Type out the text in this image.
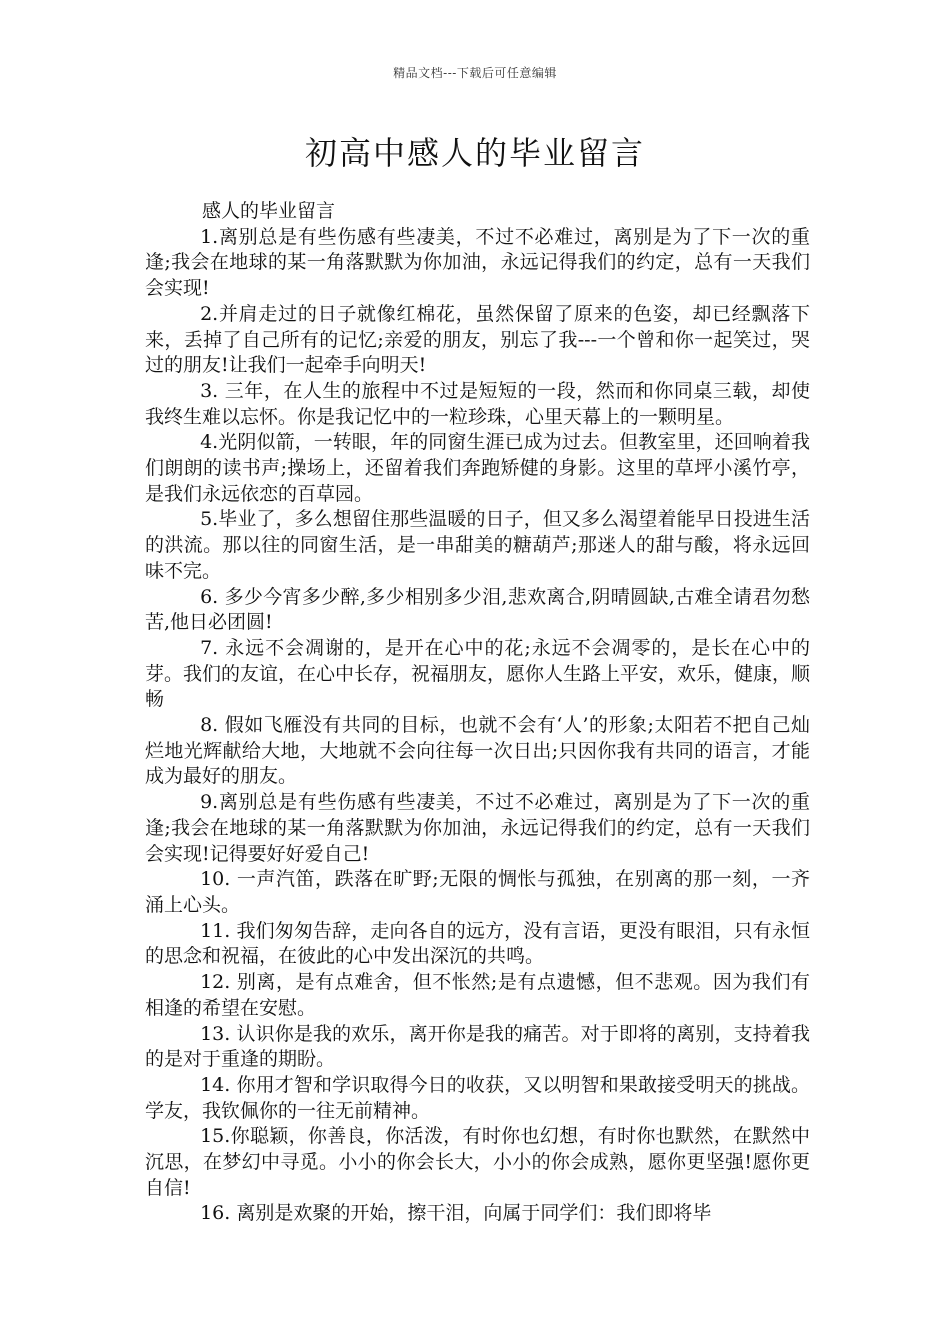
精品文档---下载后可任意编辑
初高中感人的毕业留言

感人的毕业留言

1.离别总是有些伤感有些凄美，不过不必难过，离别是为了下一次的重逢;我会在地球的某一角落默默为你加油，永远记得我们的约定，总有一天我们会实现!

2.并肩走过的日子就像红棉花，虽然保留了原来的色姿，却已经飘落下来，丢掉了自己所有的记忆;亲爱的朋友，别忘了我---一个曾和你一起笑过，哭过的朋友!让我们一起牵手向明天!

3. 三年，在人生的旅程中不过是短短的一段，然而和你同桌三载，却使我终生难以忘怀。你是我记忆中的一粒珍珠，心里天幕上的一颗明星。

4.光阴似箭，一转眼，年的同窗生涯已成为过去。但教室里，还回响着我们朗朗的读书声;操场上，还留着我们奔跑矫健的身影。这里的草坪小溪竹亭，是我们永远依恋的百草园。

5.毕业了，多么想留住那些温暖的日子，但又多么渴望着能早日投进生活的洪流。那以往的同窗生活，是一串甜美的糖葫芦;那迷人的甜与酸，将永远回味不完。

6. 多少今宵多少醉,多少相别多少泪,悲欢离合,阴晴圆缺,古难全请君勿愁苦,他日必团圆!

7. 永远不会凋谢的，是开在心中的花;永远不会凋零的，是长在心中的芽。我们的友谊，在心中长存，祝福朋友，愿你人生路上平安，欢乐，健康，顺畅

8. 假如飞雁没有共同的目标，也就不会有‘人’的形象;太阳若不把自己灿烂地光辉献给大地，大地就不会向往每一次日出;只因你我有共同的语言，才能成为最好的朋友。

9.离别总是有些伤感有些凄美，不过不必难过，离别是为了下一次的重逢;我会在地球的某一角落默默为你加油，永远记得我们的约定，总有一天我们会实现!记得要好好爱自己!

10. 一声汽笛，跌落在旷野;无限的惆怅与孤独，在别离的那一刻，一齐涌上心头。

11. 我们匆匆告辞，走向各自的远方，没有言语，更没有眼泪，只有永恒的思念和祝福，在彼此的心中发出深沉的共鸣。

12. 别离，是有点难舍，但不怅然;是有点遗憾，但不悲观。因为我们有相逢的希望在安慰。

13. 认识你是我的欢乐，离开你是我的痛苦。对于即将的离别，支持着我的是对于重逢的期盼。

14. 你用才智和学识取得今日的收获，又以明智和果敢接受明天的挑战。学友，我钦佩你的一往无前精神。

15.你聪颖，你善良，你活泼，有时你也幻想，有时你也默然，在默然中沉思，在梦幻中寻觅。小小的你会长大，小小的你会成熟，愿你更坚强!愿你更自信!

16. 离别是欢聚的开始，擦干泪，向属于同学们：我们即将毕
